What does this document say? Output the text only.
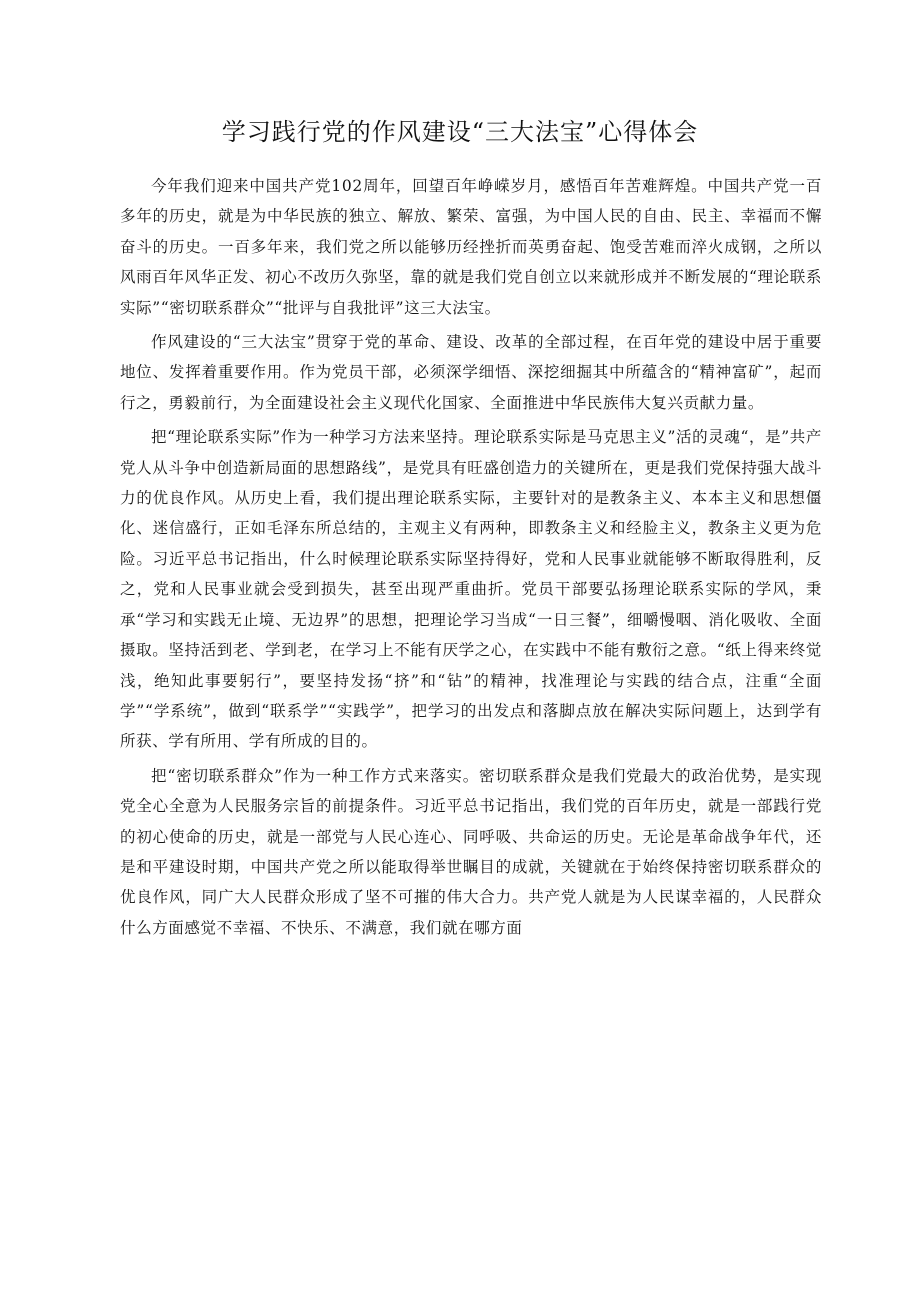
学习践行党的作风建设“三大法宝”心得体会

今年我们迎来中国共产党102周年，回望百年峥嵘岁月，感悟百年苦难辉煌。中国共产党一百多年的历史，就是为中华民族的独立、解放、繁荣、富强，为中国人民的自由、民主、幸福而不懈奋斗的历史。一百多年来，我们党之所以能够历经挫折而英勇奋起、饱受苦难而淬火成钢，之所以风雨百年风华正发、初心不改历久弥坚，靠的就是我们党自创立以来就形成并不断发展的“理论联系实际”“密切联系群众”“批评与自我批评”这三大法宝。

作风建设的“三大法宝”贯穿于党的革命、建设、改革的全部过程，在百年党的建设中居于重要地位、发挥着重要作用。作为党员干部，必须深学细悟、深挖细掘其中所蕴含的“精神富矿”，起而行之，勇毅前行，为全面建设社会主义现代化国家、全面推进中华民族伟大复兴贡献力量。

把“理论联系实际”作为一种学习方法来坚持。理论联系实际是马克思主义”活的灵魂“，是”共产党人从斗争中创造新局面的思想路线”，是党具有旺盛创造力的关键所在，更是我们党保持强大战斗力的优良作风。从历史上看，我们提出理论联系实际，主要针对的是教条主义、本本主义和思想僵化、迷信盛行，正如毛泽东所总结的，主观主义有两种，即教条主义和经脸主义，教条主义更为危险。习近平总书记指出，什么时候理论联系实际坚持得好，党和人民事业就能够不断取得胜利，反之，党和人民事业就会受到损失，甚至出现严重曲折。党员干部要弘扬理论联系实际的学风，秉承“学习和实践无止境、无边界”的思想，把理论学习当成“一日三餐”，细嚼慢咽、消化吸收、全面摄取。坚持活到老、学到老，在学习上不能有厌学之心，在实践中不能有敷衍之意。“纸上得来终觉浅，绝知此事要躬行”，要坚持发扬“挤”和“钻”的精神，找准理论与实践的结合点，注重“全面学”“学系统”，做到“联系学”“实践学”，把学习的出发点和落脚点放在解决实际问题上，达到学有所获、学有所用、学有所成的目的。

把“密切联系群众”作为一种工作方式来落实。密切联系群众是我们党最大的政治优势，是实现党全心全意为人民服务宗旨的前提条件。习近平总书记指出，我们党的百年历史，就是一部践行党的初心使命的历史，就是一部党与人民心连心、同呼吸、共命运的历史。无论是革命战争年代，还是和平建设时期，中国共产党之所以能取得举世瞩目的成就，关键就在于始终保持密切联系群众的优良作风，同广大人民群众形成了坚不可摧的伟大合力。共产党人就是为人民谋幸福的，人民群众什么方面感觉不幸福、不快乐、不满意，我们就在哪方面
